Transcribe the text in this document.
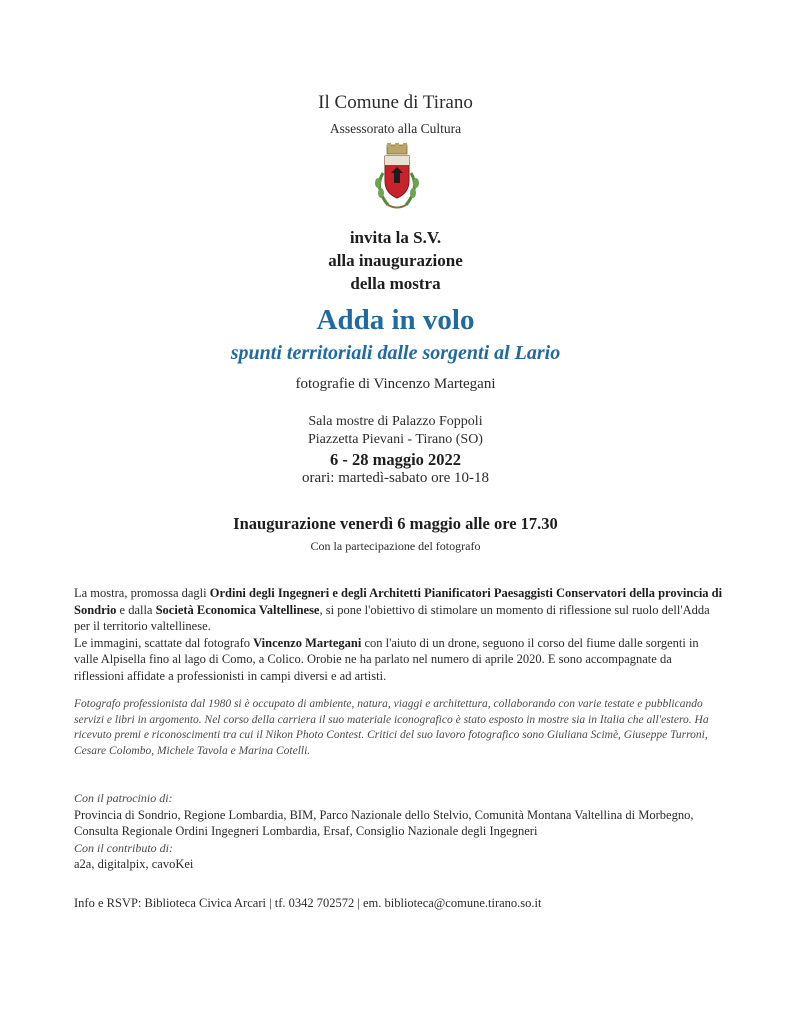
Il Comune di Tirano
Assessorato alla Cultura
invita la S.V.
alla inaugurazione
della mostra
Adda in volo
spunti territoriali dalle sorgenti al Lario
fotografie di Vincenzo Martegani
Sala mostre di Palazzo Foppoli
Piazzetta Pievani - Tirano (SO)
6 - 28 maggio 2022
orari: martedì-sabato ore 10-18
Inaugurazione venerdì 6 maggio alle ore 17.30
Con la partecipazione del fotografo
La mostra, promossa dagli Ordini degli Ingegneri e degli Architetti Pianificatori Paesaggisti Conservatori della provincia di Sondrio e dalla Società Economica Valtellinese, si pone l'obiettivo di stimolare un momento di riflessione sul ruolo dell'Adda per il territorio valtellinese.
Le immagini, scattate dal fotografo Vincenzo Martegani con l'aiuto di un drone, seguono il corso del fiume dalle sorgenti in valle Alpisella fino al lago di Como, a Colico. Orobie ne ha parlato nel numero di aprile 2020. E sono accompagnate da riflessioni affidate a professionisti in campi diversi e ad artisti.

Fotografo professionista dal 1980 si è occupato di ambiente, natura, viaggi e architettura, collaborando con varie testate e pubblicando servizi e libri in argomento. Nel corso della carriera il suo materiale iconografico è stato esposto in mostre sia in Italia che all'estero. Ha ricevuto premi e riconoscimenti tra cui il Nikon Photo Contest. Critici del suo lavoro fotografico sono Giuliana Scimè, Giuseppe Turroni, Cesare Colombo, Michele Tavola e Marina Cotelli.

Con il patrocinio di:
Provincia di Sondrio, Regione Lombardia, BIM, Parco Nazionale dello Stelvio, Comunità Montana Valtellina di Morbegno, Consulta Regionale Ordini Ingegneri Lombardia, Ersaf, Consiglio Nazionale degli Ingegneri
Con il contributo di:
a2a, digitalpix, cavoKei
Info e RSVP: Biblioteca Civica Arcari | tf. 0342 702572 | em. biblioteca@comune.tirano.so.it
